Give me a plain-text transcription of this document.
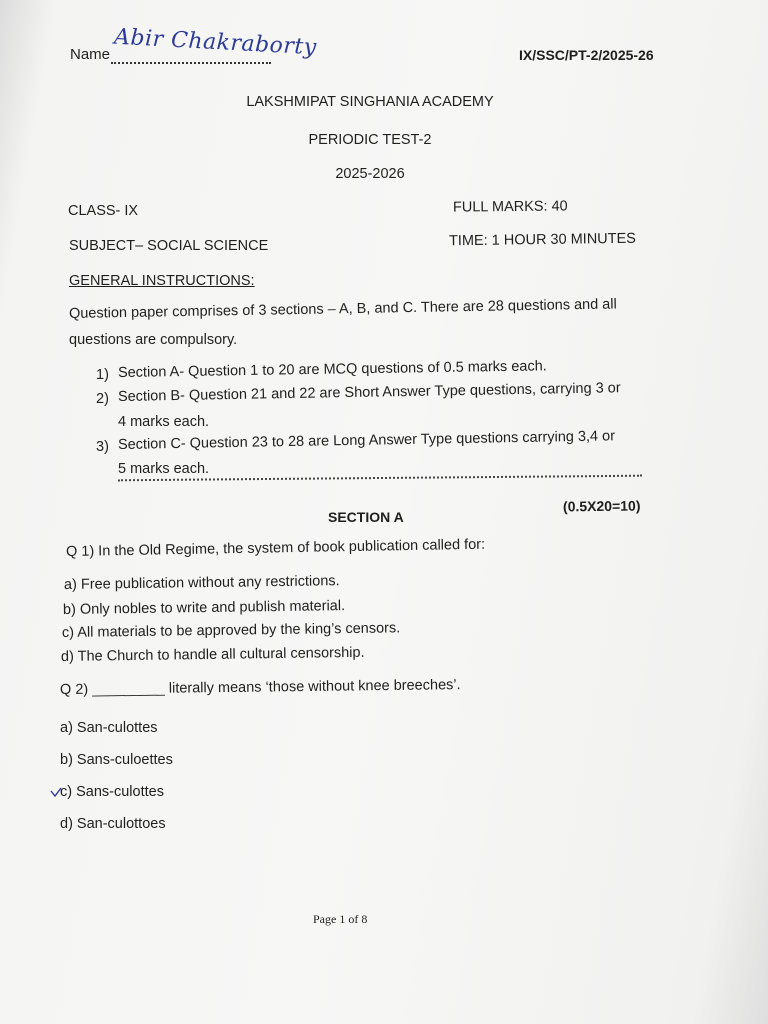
Name Abir Chakraborty	IX/SSC/PT-2/2025-26
LAKSHMIPAT SINGHANIA ACADEMY
PERIODIC TEST-2
2025-2026
CLASS- IX	FULL MARKS: 40
SUBJECT– SOCIAL SCIENCE	TIME: 1 HOUR 30 MINUTES
GENERAL INSTRUCTIONS:
Question paper comprises of 3 sections – A, B, and C. There are 28 questions and all
questions are compulsory.
1) Section A- Question 1 to 20 are MCQ questions of 0.5 marks each.
2) Section B- Question 21 and 22 are Short Answer Type questions, carrying 3 or
4 marks each.
3) Section C- Question 23 to 28 are Long Answer Type questions carrying 3,4 or
5 marks each.
SECTION A
(0.5X20=10)
Q 1) In the Old Regime, the system of book publication called for:
a) Free publication without any restrictions.
b) Only nobles to write and publish material.
c) All materials to be approved by the king’s censors.
d) The Church to handle all cultural censorship.
Q 2) _________ literally means ‘those without knee breeches’.
a) San-culottes
b) Sans-culoettes
c) Sans-culottes
d) San-culottoes
Page 1 of 8
